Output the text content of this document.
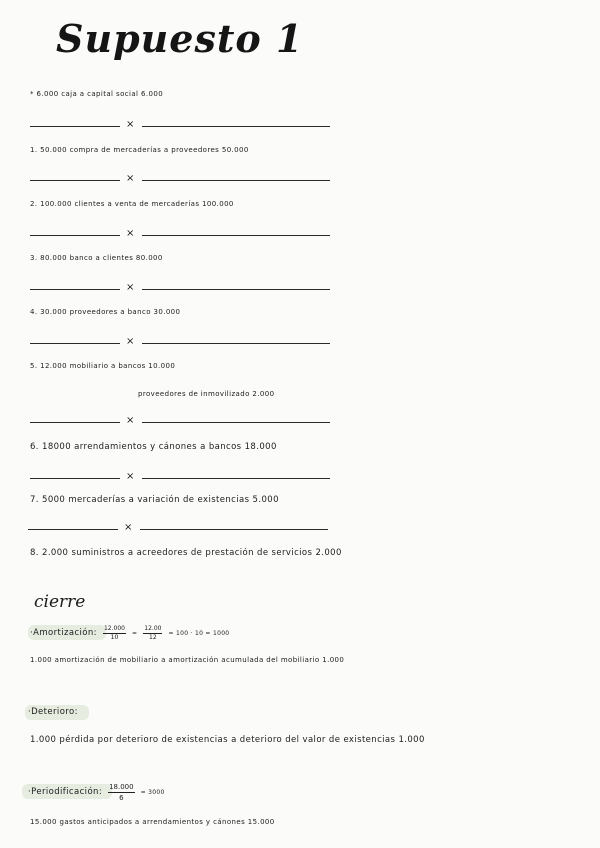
Supuesto 1
* 6.000 caja a capital social 6.000
×
1. 50.000 compra de mercaderías a proveedores 50.000
×
2. 100.000 clientes a venta de mercaderías 100.000
×
3. 80.000 banco a clientes 80.000
×
4. 30.000 proveedores a banco 30.000
×
5. 12.000 mobiliario a bancos 10.000
proveedores de inmovilizado 2.000
×
6. 18000 arrendamientos y cánones a bancos 18.000
×
7. 5000 mercaderías a variación de existencias 5.000
×
8. 2.000 suministros a acreedores de prestación de servicios 2.000
cierre
·Amortización: $\frac{12.000}{10} = \frac{12.00}{12} = 100 \cdot 10 = 1000$
1.000 amortización de mobiliario a amortización acumulada del mobiliario 1.000
·Deterioro:
1.000 pérdida por deterioro de existencias a deterioro del valor de existencias 1.000
·Periodificación: $\frac{18.000}{6} = 3000$
15.000 gastos anticipados a arrendamientos y cánones 15.000
